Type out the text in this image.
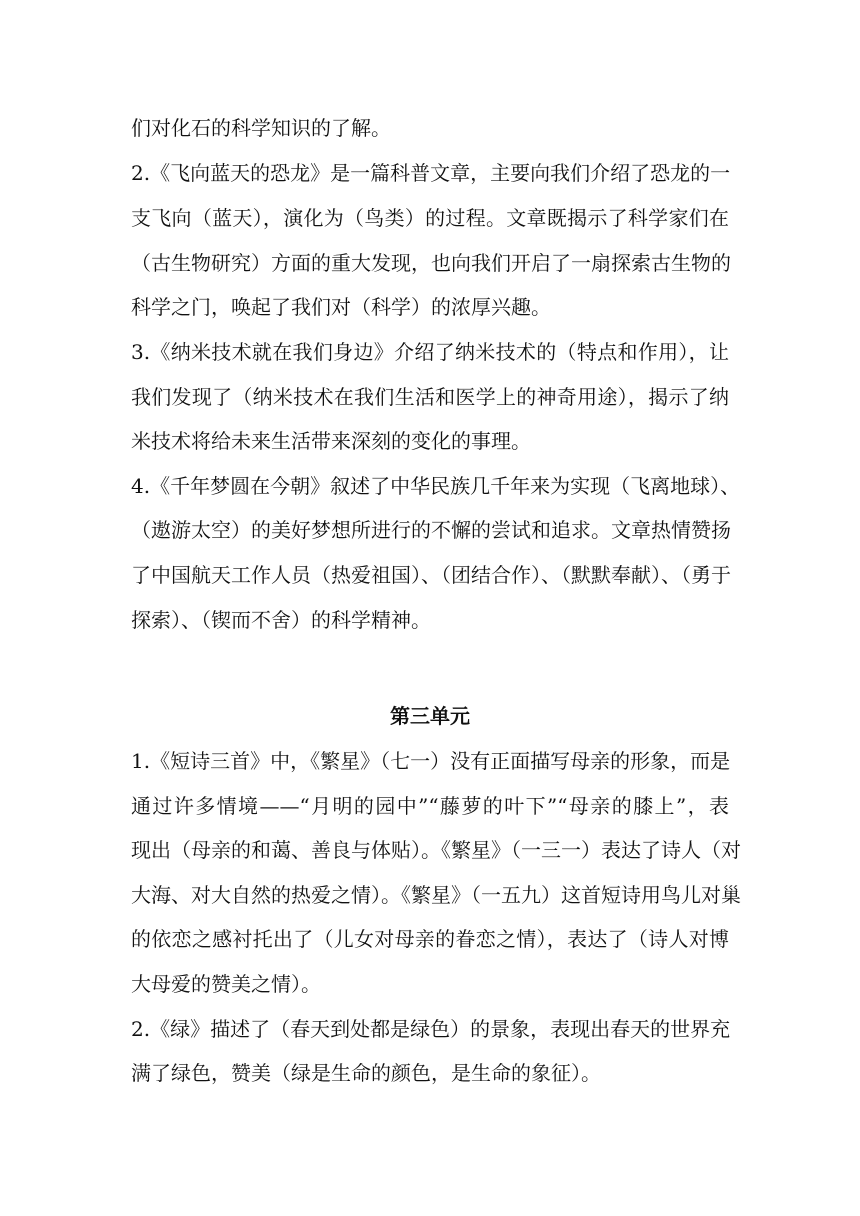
们对化石的科学知识的了解。
2.《飞向蓝天的恐龙》是一篇科普文章，主要向我们介绍了恐龙的一
支飞向（蓝天），演化为（鸟类）的过程。文章既揭示了科学家们在
（古生物研究）方面的重大发现，也向我们开启了一扇探索古生物的
科学之门，唤起了我们对（科学）的浓厚兴趣。
3.《纳米技术就在我们身边》介绍了纳米技术的（特点和作用），让
我们发现了（纳米技术在我们生活和医学上的神奇用途），揭示了纳
米技术将给未来生活带来深刻的变化的事理。
4.《千年梦圆在今朝》叙述了中华民族几千年来为实现（飞离地球）、
（遨游太空）的美好梦想所进行的不懈的尝试和追求。文章热情赞扬
了中国航天工作人员（热爱祖国）、（团结合作）、（默默奉献）、（勇于
探索）、（锲而不舍）的科学精神。
第三单元
1.《短诗三首》中，《繁星》（七一）没有正面描写母亲的形象，而是
通过许多情境——“月明的园中”“藤萝的叶下”“母亲的膝上”，表
现出（母亲的和蔼、善良与体贴）。《繁星》（一三一）表达了诗人（对
大海、对大自然的热爱之情）。《繁星》（一五九）这首短诗用鸟儿对巢
的依恋之感衬托出了（儿女对母亲的眷恋之情），表达了（诗人对博
大母爱的赞美之情）。
2.《绿》描述了（春天到处都是绿色）的景象，表现出春天的世界充
满了绿色，赞美（绿是生命的颜色，是生命的象征）。
